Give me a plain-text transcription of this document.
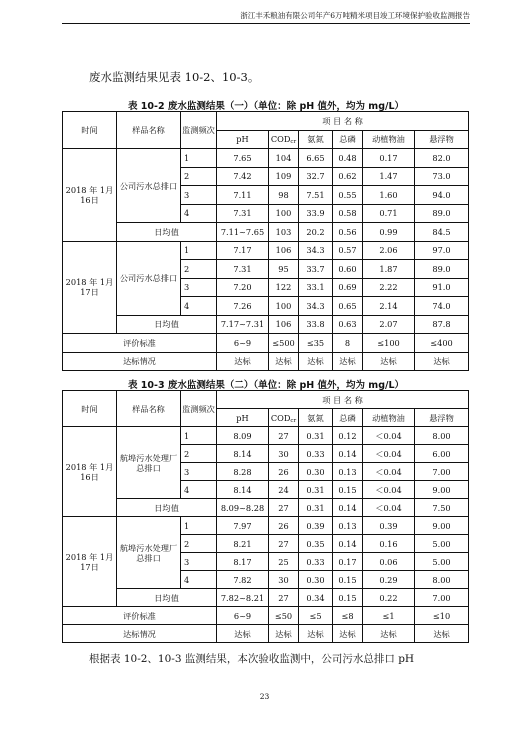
浙江丰禾粮油有限公司年产6万吨精米项目竣工环境保护验收监测报告
废水监测结果见表 10-2、10-3。
表 10-2 废水监测结果（一）（单位：除 pH 值外，均为 mg/L）
时间	样品名称	监测频次	项 目 名 称					
			pH	$COD_{cr}$	氨氮	总磷	动植物油	悬浮物
2018 年 1月16日	公司污水总排口	1	7.65	104	6.65	0.48	0.17	82.0
		2	7.42	109	32.7	0.62	1.47	73.0
		3	7.11	98	7.51	0.55	1.60	94.0
		4	7.31	100	33.9	0.58	0.71	89.0
	日均值		7.11~7.65	103	20.2	0.56	0.99	84.5
2018 年 1月17日	公司污水总排口	1	7.17	106	34.3	0.57	2.06	97.0
		2	7.31	95	33.7	0.60	1.87	89.0
		3	7.20	122	33.1	0.69	2.22	91.0
		4	7.26	100	34.3	0.65	2.14	74.0
	日均值		7.17~7.31	106	33.8	0.63	2.07	87.8
评价标准			6~9	≤500	≤35	8	≤100	≤400
达标情况			达标	达标	达标	达标	达标	达标
表 10-3 废水监测结果（二）（单位：除 pH 值外，均为 mg/L）
时间	样品名称	监测频次	项 目 名 称					
			pH	$COD_{cr}$	氨氮	总磷	动植物油	悬浮物
2018 年 1月16日	航埠污水处理厂总排口	1	8.09	27	0.31	0.12	＜0.04	8.00
		2	8.14	30	0.33	0.14	＜0.04	6.00
		3	8.28	26	0.30	0.13	＜0.04	7.00
		4	8.14	24	0.31	0.15	＜0.04	9.00
	日均值		8.09~8.28	27	0.31	0.14	＜0.04	7.50
2018 年 1月17日	航埠污水处理厂总排口	1	7.97	26	0.39	0.13	0.39	9.00
		2	8.21	27	0.35	0.14	0.16	5.00
		3	8.17	25	0.33	0.17	0.06	5.00
		4	7.82	30	0.30	0.15	0.29	8.00
	日均值		7.82~8.21	27	0.34	0.15	0.22	7.00
评价标准			6~9	≤50	≤5	≤8	≤1	≤10
达标情况			达标	达标	达标	达标	达标	达标
根据表 10-2、10-3 监测结果，本次验收监测中，公司污水总排口 pH
23
